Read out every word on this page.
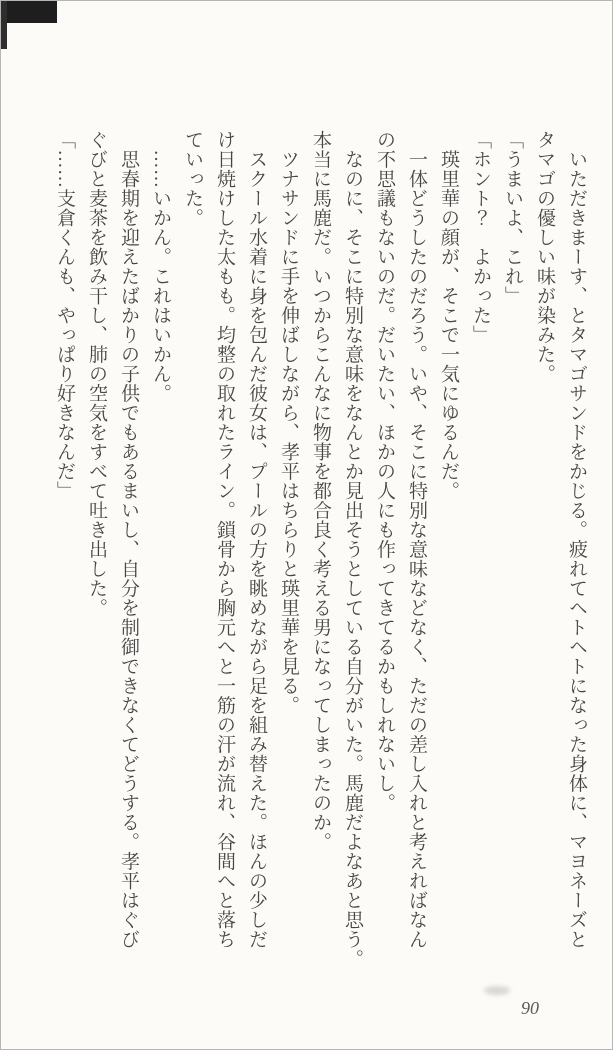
　いただきまーす、とタマゴサンドをかじる。疲れてヘトヘトになった身体に、マヨネーズと

タマゴの優しい味が染みた。

「うまいよ、これ」

「ホント？　よかった」

　瑛里華の顔が、そこで一気にゆるんだ。

　一体どうしたのだろう。いや、そこに特別な意味などなく、ただの差し入れと考えればなん

の不思議もないのだ。だいたい、ほかの人にも作ってきてるかもしれないし。

　なのに、そこに特別な意味をなんとか見出そうとしている自分がいた。馬鹿だよなあと思う。

本当に馬鹿だ。いつからこんなに物事を都合良く考える男になってしまったのか。

　ツナサンドに手を伸ばしながら、孝平はちらりと瑛里華を見る。

　スクール水着に身を包んだ彼女は、プールの方を眺めながら足を組み替えた。ほんの少しだ

け日焼けした太もも。均整の取れたライン。鎖骨から胸元へと一筋の汗が流れ、谷間へと落ち

ていった。

　……いかん。これはいかん。

　思春期を迎えたばかりの子供でもあるまいし、自分を制御できなくてどうする。孝平はぐび

ぐびと麦茶を飲み干し、肺の空気をすべて吐き出した。

「……支倉くんも、やっぱり好きなんだ」

90
